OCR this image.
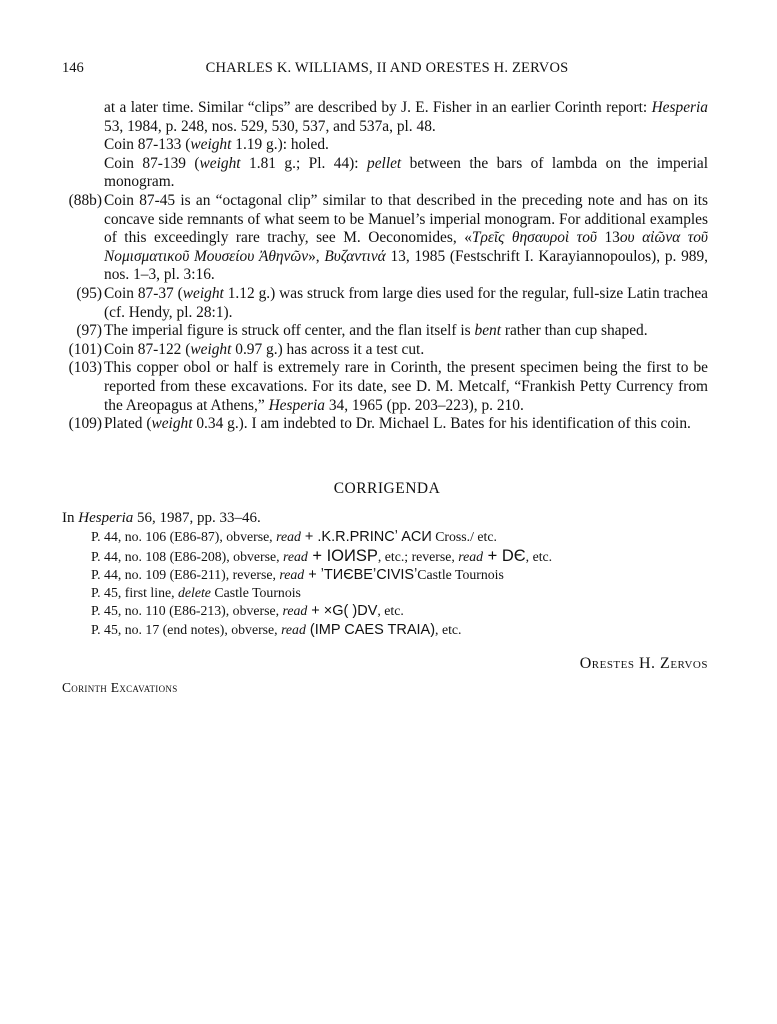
146	CHARLES K. WILLIAMS, II AND ORESTES H. ZERVOS

at a later time. Similar “clips” are described by J. E. Fisher in an earlier Corinth report: Hesperia 53, 1984, p. 248, nos. 529, 530, 537, and 537a, pl. 48.

Coin 87-133 (weight 1.19 g.): holed.

Coin 87-139 (weight 1.81 g.; Pl. 44): pellet between the bars of lambda on the imperial monogram.

(88b) Coin 87-45 is an “octagonal clip” similar to that described in the preceding note and has on its concave side remnants of what seem to be Manuel’s imperial monogram. For additional examples of this exceedingly rare trachy, see M. Oeconomides, «Τρεῖς θησαυροὶ τοῦ 13ου αἰῶνα τοῦ Νομισματικοῦ Μουσείου Ἀθηνῶν», Βυζαντινά 13, 1985 (Festschrift I. Karayiannopoulos), p. 989, nos. 1–3, pl. 3:16.

(95) Coin 87-37 (weight 1.12 g.) was struck from large dies used for the regular, full-size Latin trachea (cf. Hendy, pl. 28:1).

(97) The imperial figure is struck off center, and the flan itself is bent rather than cup shaped.

(101) Coin 87-122 (weight 0.97 g.) has across it a test cut.

(103) This copper obol or half is extremely rare in Corinth, the present specimen being the first to be reported from these excavations. For its date, see D. M. Metcalf, “Frankish Petty Currency from the Areopagus at Athens,” Hesperia 34, 1965 (pp. 203–223), p. 210.

(109) Plated (weight 0.34 g.). I am indebted to Dr. Michael L. Bates for his identification of this coin.

CORRIGENDA

In Hesperia 56, 1987, pp. 33–46.

P. 44, no. 106 (E86-87), obverse, read + .K.R.PRINCʼ ACИ Cross./ etc.
P. 44, no. 108 (E86-208), obverse, read + IOИSP, etc.; reverse, read + DЄ, etc.
P. 44, no. 109 (E86-211), reverse, read + ʼTИЄBEʼCIVISʼCastle Tournois
P. 45, first line, delete Castle Tournois
P. 45, no. 110 (E86-213), obverse, read + ×G( )DV, etc.
P. 45, no. 17 (end notes), obverse, read (IMP CAES TRAIA), etc.
Orestes H. Zervos
Corinth Excavations
